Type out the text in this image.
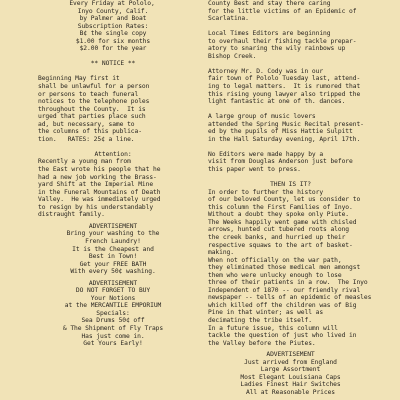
Every Friday at Pololo,
Inyo County, Calif.
by Palmer and Boat
Subscription Rates:
B¢ the single copy
$1.00 for six months
$2.00 for the year
** NOTICE **
Beginning May first it
shall be unlawful for a person
or persons to teach funeral
notices to the telephone poles
throughout the County.  It is
urged that parties place such
ad, but necessary, same to
the columns of this publica-
tion.   RATES: 25¢ a line.
Attention:
Recently a young man from
the East wrote his people that he
had a new job working the Brass-
yard Shift at the Imperial Mine
in the Funeral Mountains of Death
Valley.  He was immediately urged
to resign by his understandably
distraught family.
ADVERTISEMENT
Bring your washing to the
French Laundry!
It is the Cheapest and
Best in Town!
Get your FREE BATH
With every 50¢ washing.
ADVERTISEMENT
DO NOT FORGET TO BUY
Your Notions
at the MERCANTILE EMPORIUM
Specials:
Sea Drums 50¢ off
& The Shipment of Fly Traps
Has just come in.
Get Yours Early!
County Best and stay there caring
for the little victims of an Epidemic of
Scarlatina.
Local Times Editors are beginning
to overhaul their fishing tackle prepar-
atory to snaring the wily rainbows up
Bishop Creek.
Attorney Mr. D. Cody was in our
fair town of Pololo Tuesday last, attend-
ing to legal matters.  It is rumored that
this rising young lawyer also tripped the
light fantastic at one of th. dances.
A large group of music lovers
attended the Spring Music Recital present-
ed by the pupils of Miss Hattie Sulpitt
in the Hall Saturday evening, April 17th.
No Editors were made happy by a
visit from Douglas Anderson just before
this paper went to press.
THEN IS IT?
In order to further the history
of our beloved County, let us consider to
this column the First Families of Inyo.
Without a doubt they spoke only Piute.
The Weeks happily went game with chisled
arrows, hunted cut tubered roots along
the creek banks, and hurried up their
respective squaws to the art of basket-
making.
When not officially on the war path,
they eliminated those medical men amongst
them who were unlucky enough to lose
three of their patients in a row.  The Inyo
Independent of 1870 -- our friendly rival
newspaper -- tells of an epidemic of measles
which killed off the children was of Big
Pine in that winter; as well as
decimating the tribe itself.
In a future issue, this column will
tackle the question of just who lived in
the Valley before the Piutes.
ADVERTISEMENT
Just arrived from England
Large Assortment
Most Elegant Louisiana Caps
Ladies Finest Hair Switches
All at Reasonable Prices
